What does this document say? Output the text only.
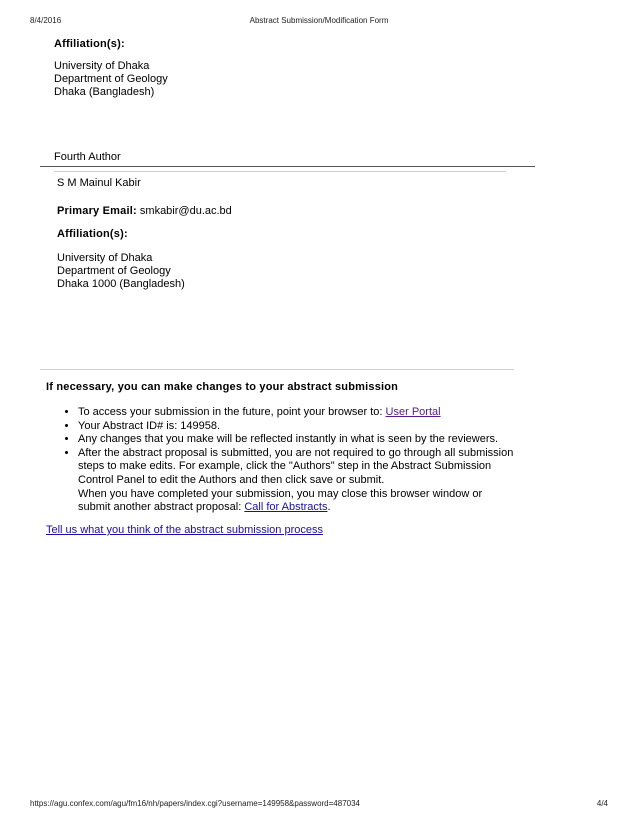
8/4/2016	Abstract Submission/Modification Form
Affiliation(s):
University of Dhaka
Department of Geology
Dhaka (Bangladesh)
Fourth Author
S M Mainul Kabir
Primary Email: smkabir@du.ac.bd
Affiliation(s):
University of Dhaka
Department of Geology
Dhaka 1000 (Bangladesh)
If necessary, you can make changes to your abstract submission
• To access your submission in the future, point your browser to: User Portal
• Your Abstract ID# is: 149958.
• Any changes that you make will be reflected instantly in what is seen by the reviewers.
• After the abstract proposal is submitted, you are not required to go through all submission
steps to make edits. For example, click the "Authors" step in the Abstract Submission
Control Panel to edit the Authors and then click save or submit.
When you have completed your submission, you may close this browser window or
submit another abstract proposal: Call for Abstracts.
Tell us what you think of the abstract submission process
https://agu.confex.com/agu/fm16/nh/papers/index.cgi?username=149958&password=487034	4/4
